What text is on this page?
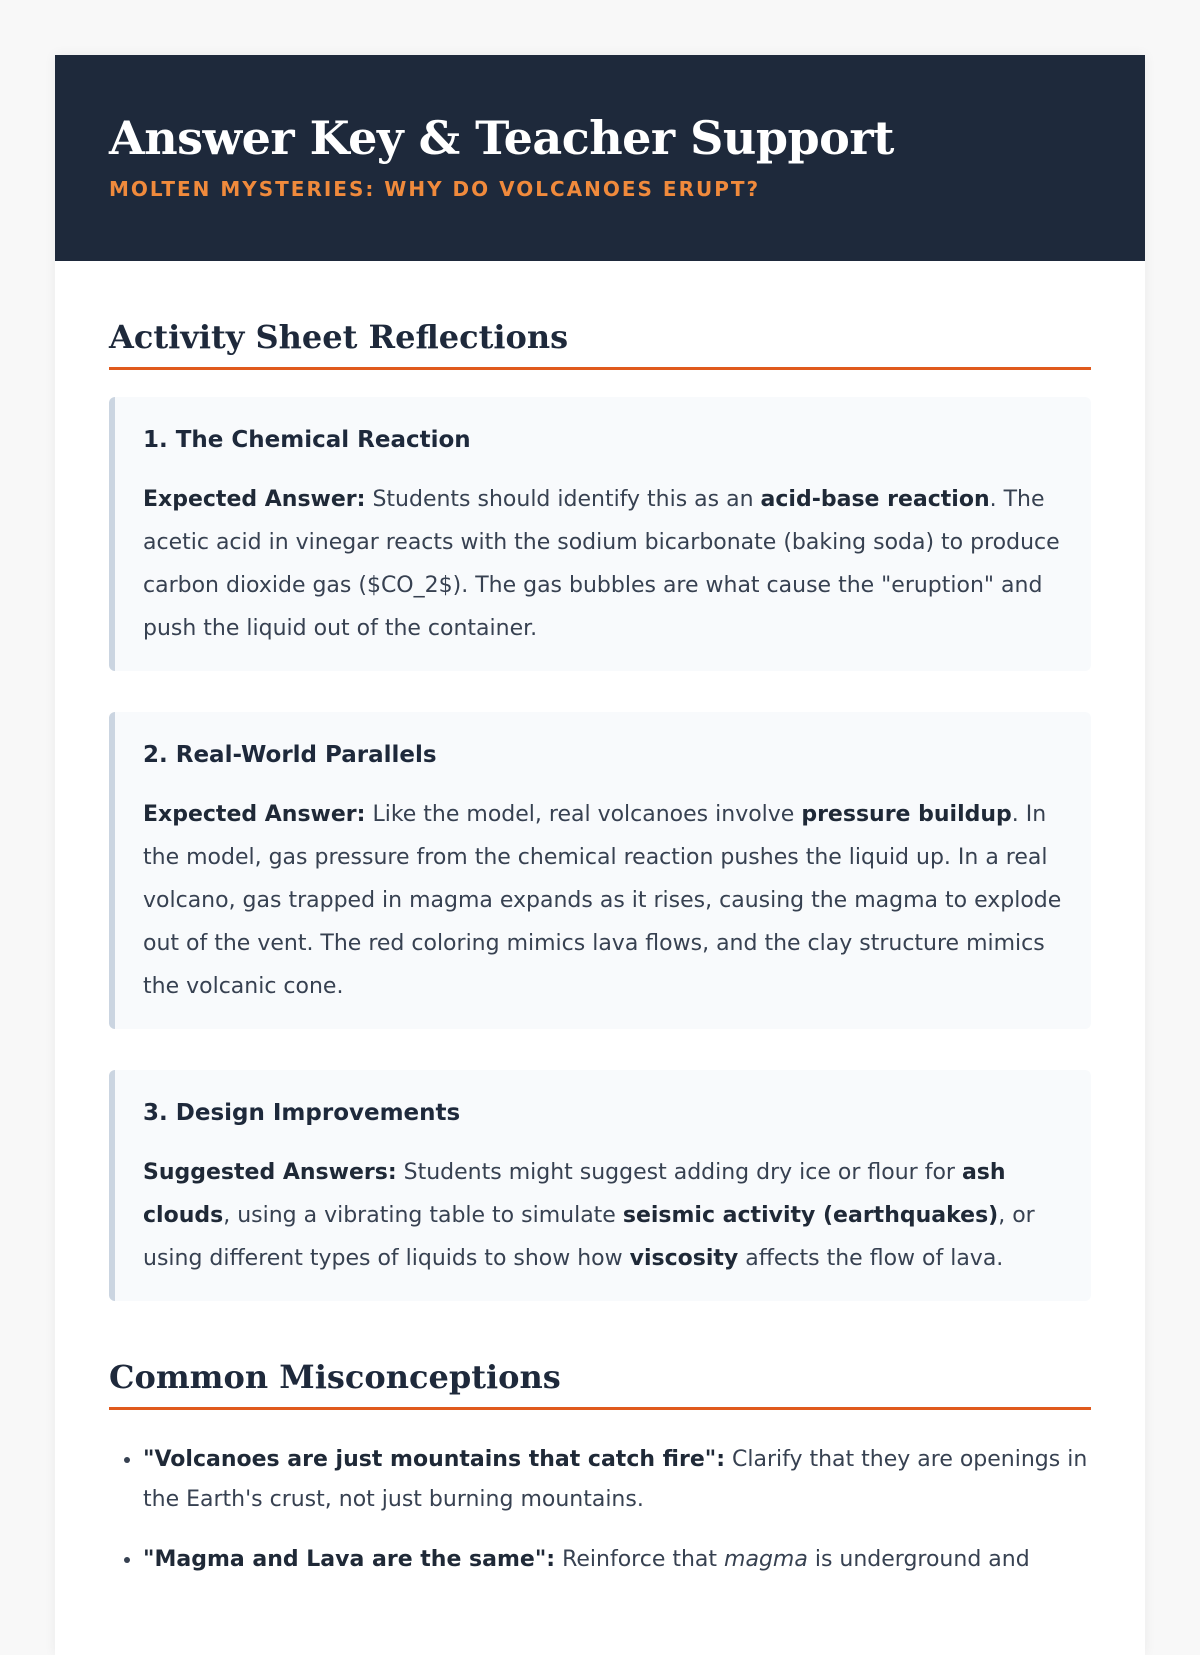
Answer Key & Teacher Support
MOLTEN MYSTERIES: WHY DO VOLCANOES ERUPT?
Activity Sheet Reflections
1. The Chemical Reaction

Expected Answer: Students should identify this as an acid-base reaction. The acetic acid in vinegar reacts with the sodium bicarbonate (baking soda) to produce carbon dioxide gas ($CO_2$). The gas bubbles are what cause the "eruption" and push the liquid out of the container.

2. Real-World Parallels

Expected Answer: Like the model, real volcanoes involve pressure buildup. In the model, gas pressure from the chemical reaction pushes the liquid up. In a real volcano, gas trapped in magma expands as it rises, causing the magma to explode out of the vent. The red coloring mimics lava flows, and the clay structure mimics the volcanic cone.

3. Design Improvements

Suggested Answers: Students might suggest adding dry ice or flour for ash clouds, using a vibrating table to simulate seismic activity (earthquakes), or using different types of liquids to show how viscosity affects the flow of lava.

Common Misconceptions
• "Volcanoes are just mountains that catch fire": Clarify that they are openings in the Earth's crust, not just burning mountains.
• "Magma and Lava are the same": Reinforce that magma is underground and
